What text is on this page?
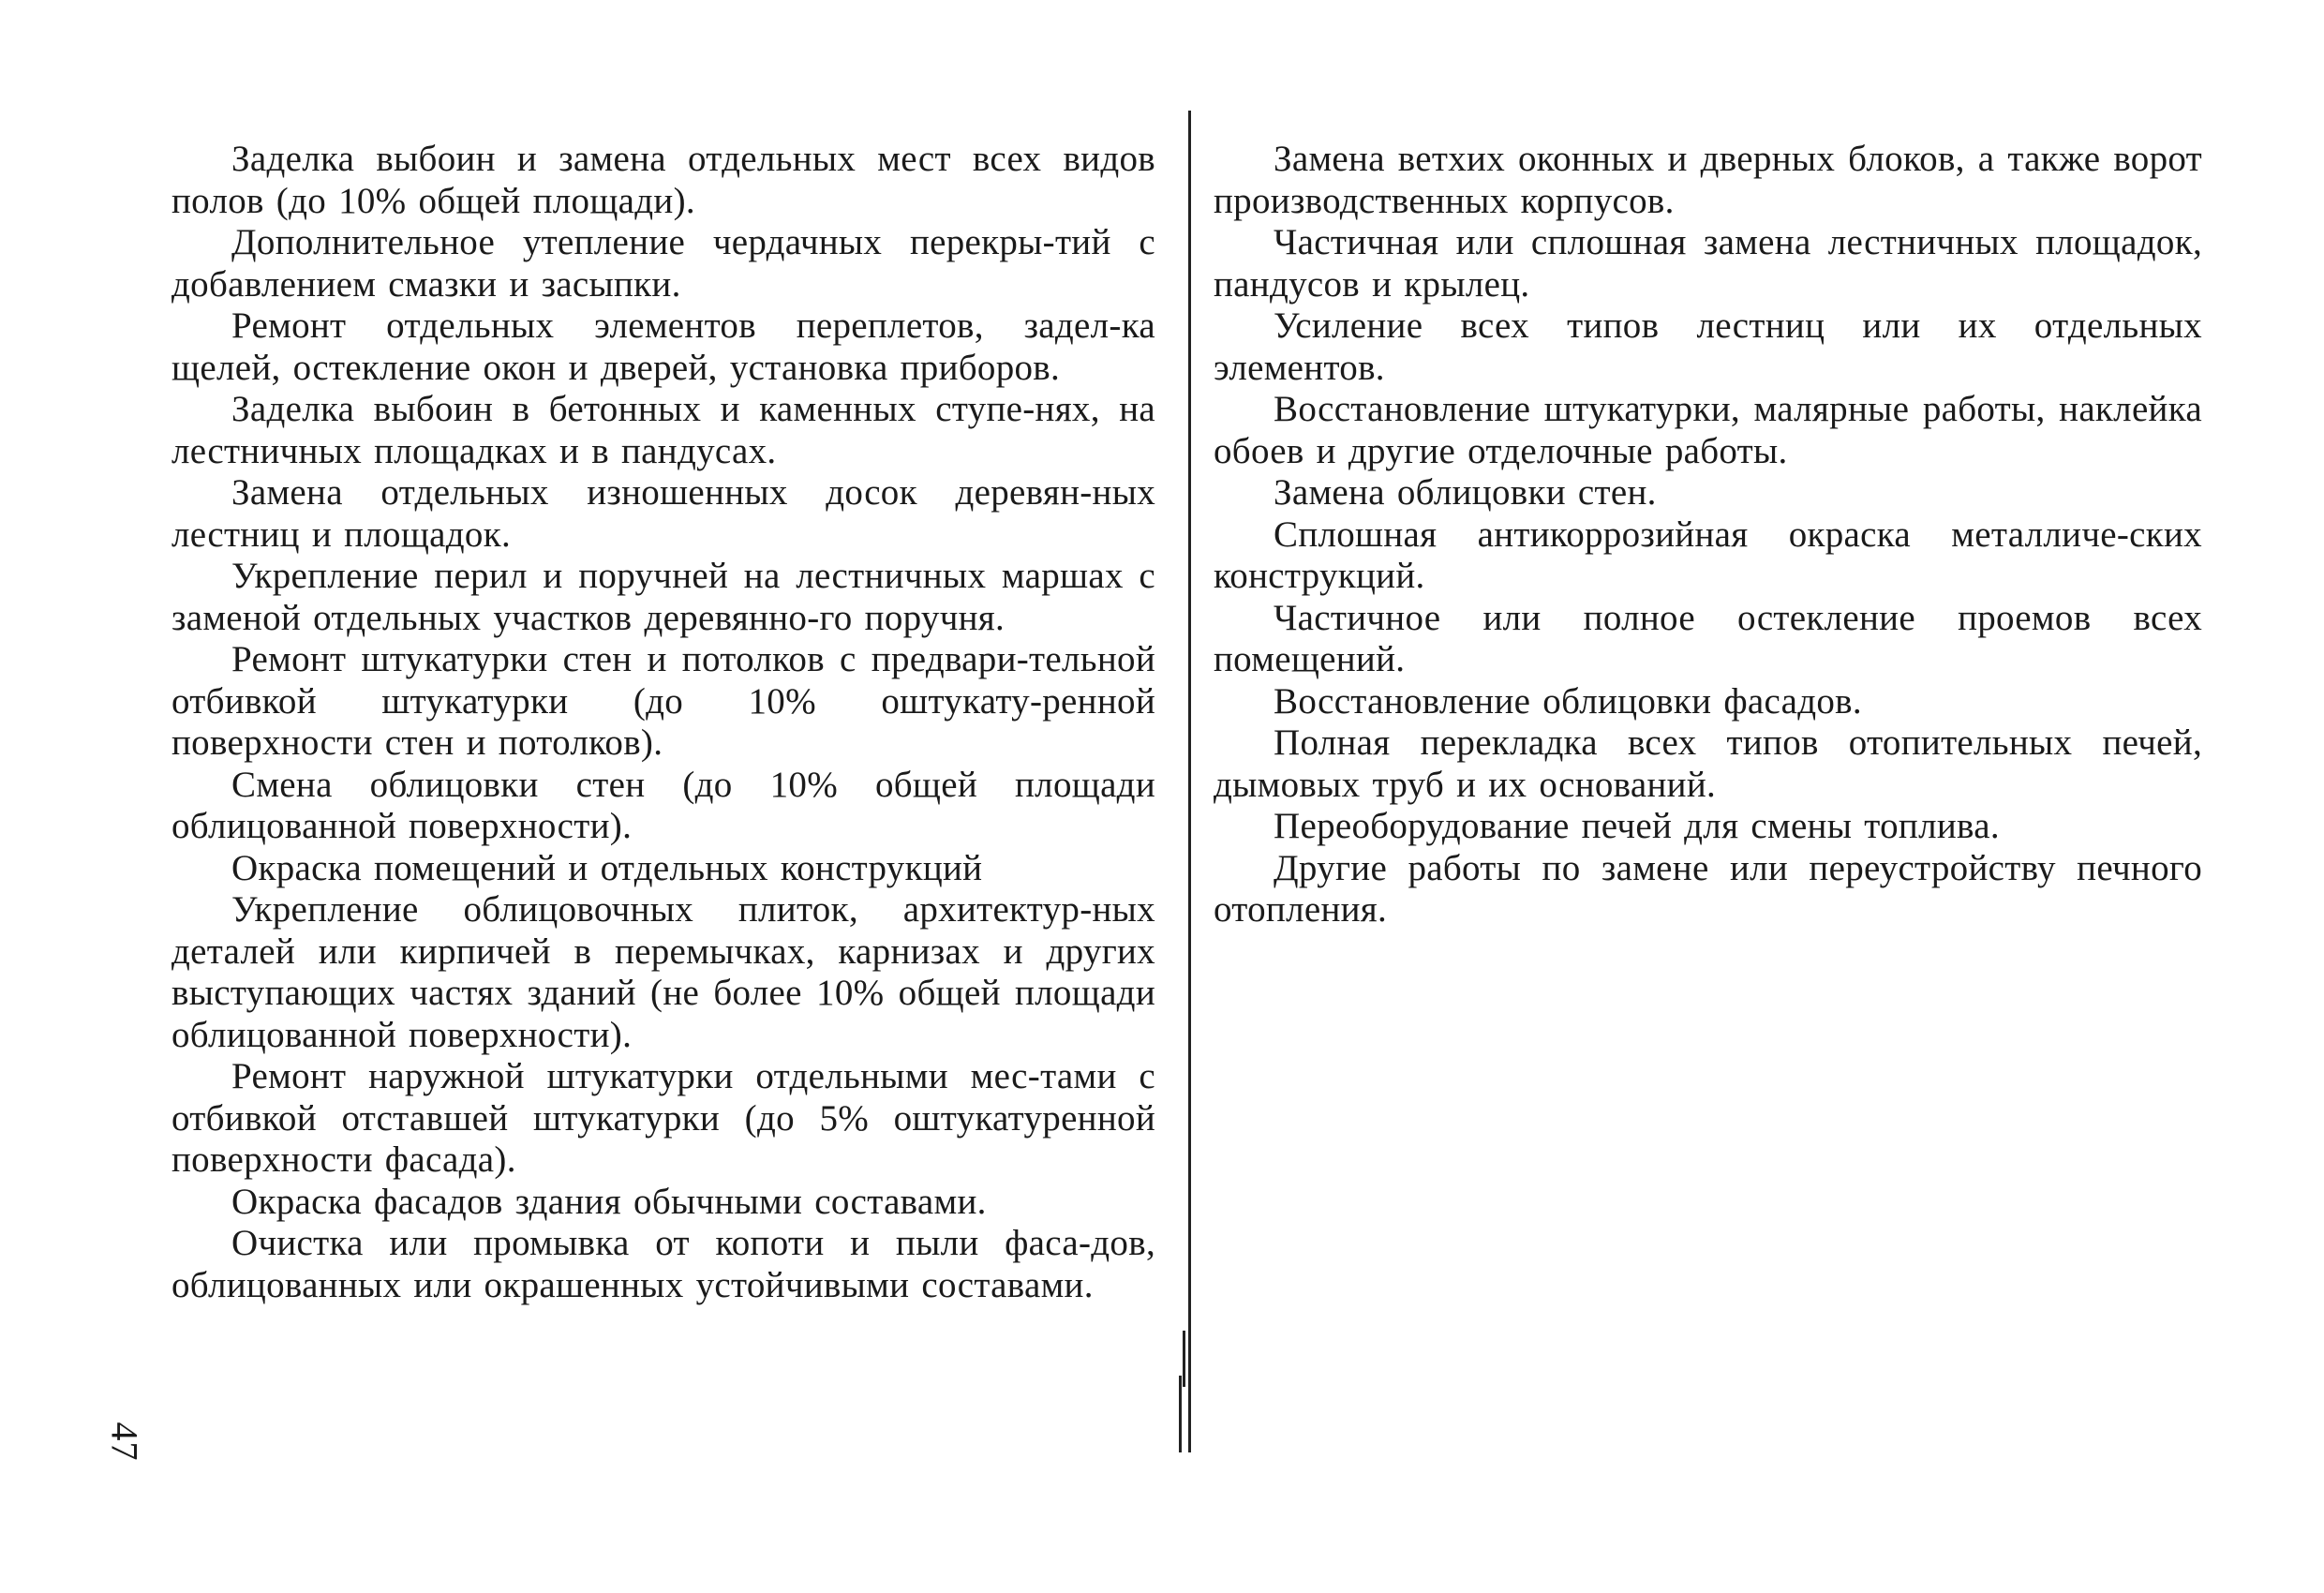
Заделка выбоин и замена отдельных мест всех видов полов (до 10% общей площади).

Дополнительное утепление чердачных перекры-тий с добавлением смазки и засыпки.

Ремонт отдельных элементов переплетов, задел-ка щелей, остекление окон и дверей, установка приборов.

Заделка выбоин в бетонных и каменных ступе-нях, на лестничных площадках и в пандусах.

Замена отдельных изношенных досок деревян-ных лестниц и площадок.

Укрепление перил и поручней на лестничных маршах с заменой отдельных участков деревянно-го поручня.

Ремонт штукатурки стен и потолков с предвари-тельной отбивкой штукатурки (до 10% оштукату-ренной поверхности стен и потолков).

Смена облицовки стен (до 10% общей площади облицованной поверхности).

Окраска помещений и отдельных конструкций

Укрепление облицовочных плиток, архитектур-ных деталей или кирпичей в перемычках, карнизах и других выступающих частях зданий (не более 10% общей площади облицованной поверхности).

Ремонт наружной штукатурки отдельными мес-тами с отбивкой отставшей штукатурки (до 5% оштукатуренной поверхности фасада).

Окраска фасадов здания обычными составами.

Очистка или промывка от копоти и пыли фаса-дов, облицованных или окрашенных устойчивыми составами.

Замена ветхих оконных и дверных блоков, а также ворот производственных корпусов.

Частичная или сплошная замена лестничных площадок, пандусов и крылец.

Усиление всех типов лестниц или их отдельных элементов.

Восстановление штукатурки, малярные работы, наклейка обоев и другие отделочные работы.

Замена облицовки стен.

Сплошная антикоррозийная окраска металличе-ских конструкций.

Частичное или полное остекление проемов всех помещений.

Восстановление облицовки фасадов.

Полная перекладка всех типов отопительных печей, дымовых труб и их оснований.

Переоборудование печей для смены топлива.

Другие работы по замене или переустройству печного отопления.

47
